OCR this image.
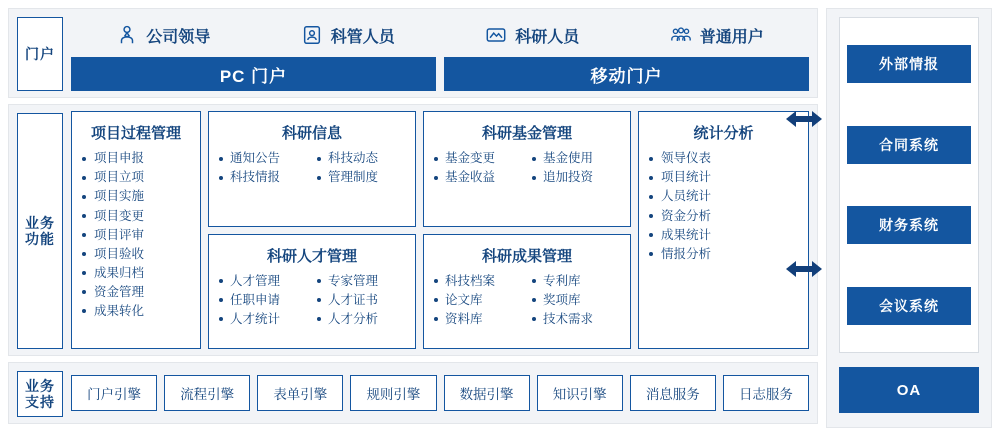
门户
公司领导	科管人员	科研人员	普通用户
PC 门户	移动门户
业务功能
项目过程管理
项目申报
项目立项
项目实施
项目变更
项目评审
项目验收
成果归档
资金管理
成果转化
科研信息
通知公告	科技动态
科技情报	管理制度
科研人才管理
人才管理	专家管理
任职申请	人才证书
人才统计	人才分析
科研基金管理
基金变更	基金使用
基金收益	追加投资
科研成果管理
科技档案	专利库
论文库	奖项库
资料库	技术需求
统计分析
领导仪表
项目统计
人员统计
资金分析
成果统计
情报分析
业务支持	门户引擎	流程引擎	表单引擎	规则引擎	数据引擎	知识引擎	消息服务	日志服务
外部情报
合同系统
财务系统
会议系统
OA
